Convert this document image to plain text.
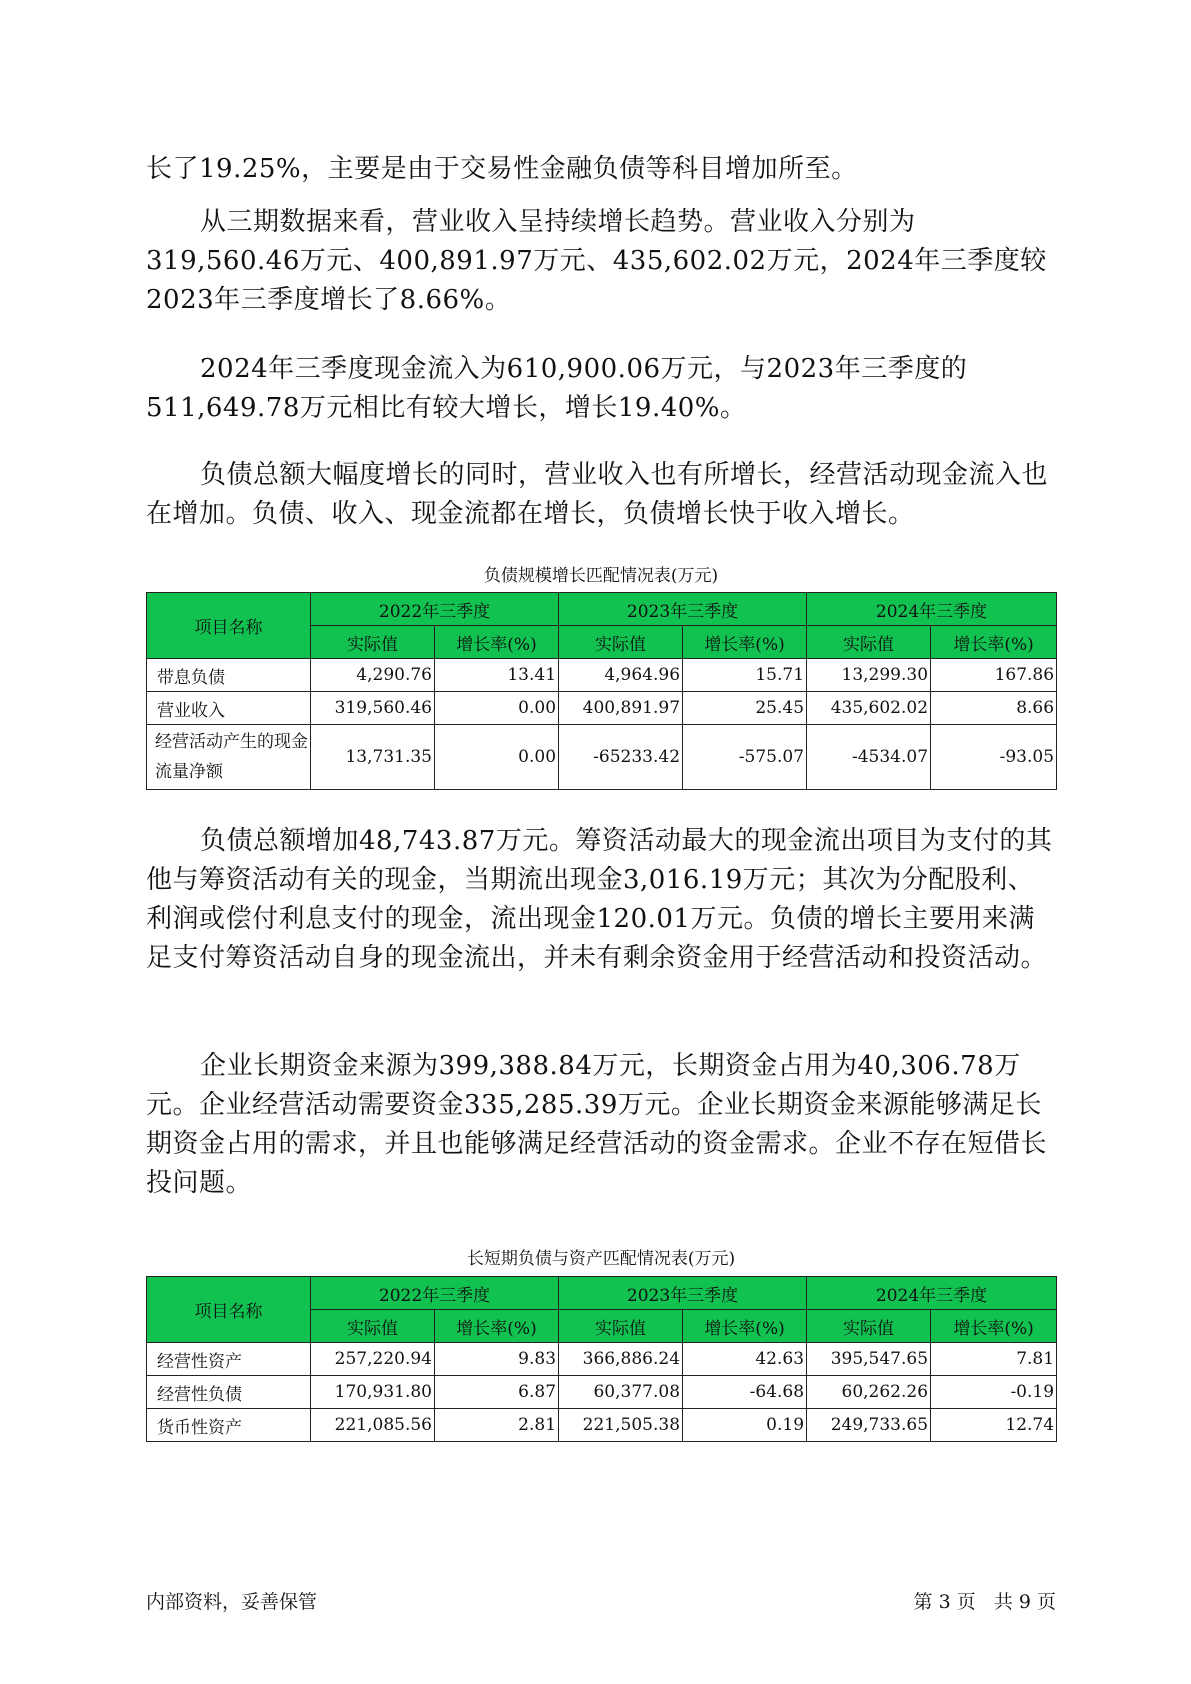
长了19.25%，主要是由于交易性金融负债等科目增加所至。

从三期数据来看，营业收入呈持续增长趋势。营业收入分别为319,560.46万元、400,891.97万元、435,602.02万元，2024年三季度较2023年三季度增长了8.66%。

2024年三季度现金流入为610,900.06万元，与2023年三季度的511,649.78万元相比有较大增长，增长19.40%。

负债总额大幅度增长的同时，营业收入也有所增长，经营活动现金流入也在增加。负债、收入、现金流都在增长，负债增长快于收入增长。

负债规模增长匹配情况表(万元)
项目名称	2022年三季度		2023年三季度		2024年三季度	
	实际值	增长率(%)	实际值	增长率(%)	实际值	增长率(%)
带息负债	4,290.76	13.41	4,964.96	15.71	13,299.30	167.86
营业收入	319,560.46	0.00	400,891.97	25.45	435,602.02	8.66
经营活动产生的现金流量净额	13,731.35	0.00	-65233.42	-575.07	-4534.07	-93.05

负债总额增加48,743.87万元。筹资活动最大的现金流出项目为支付的其他与筹资活动有关的现金，当期流出现金3,016.19万元；其次为分配股利、利润或偿付利息支付的现金，流出现金120.01万元。负债的增长主要用来满足支付筹资活动自身的现金流出，并未有剩余资金用于经营活动和投资活动。

企业长期资金来源为399,388.84万元，长期资金占用为40,306.78万元。企业经营活动需要资金335,285.39万元。企业长期资金来源能够满足长期资金占用的需求，并且也能够满足经营活动的资金需求。企业不存在短借长投问题。

长短期负债与资产匹配情况表(万元)
项目名称	2022年三季度		2023年三季度		2024年三季度	
	实际值	增长率(%)	实际值	增长率(%)	实际值	增长率(%)
经营性资产	257,220.94	9.83	366,886.24	42.63	395,547.65	7.81
经营性负债	170,931.80	6.87	60,377.08	-64.68	60,262.26	-0.19
货币性资产	221,085.56	2.81	221,505.38	0.19	249,733.65	12.74
内部资料，妥善保管	第 3 页   共 9 页
